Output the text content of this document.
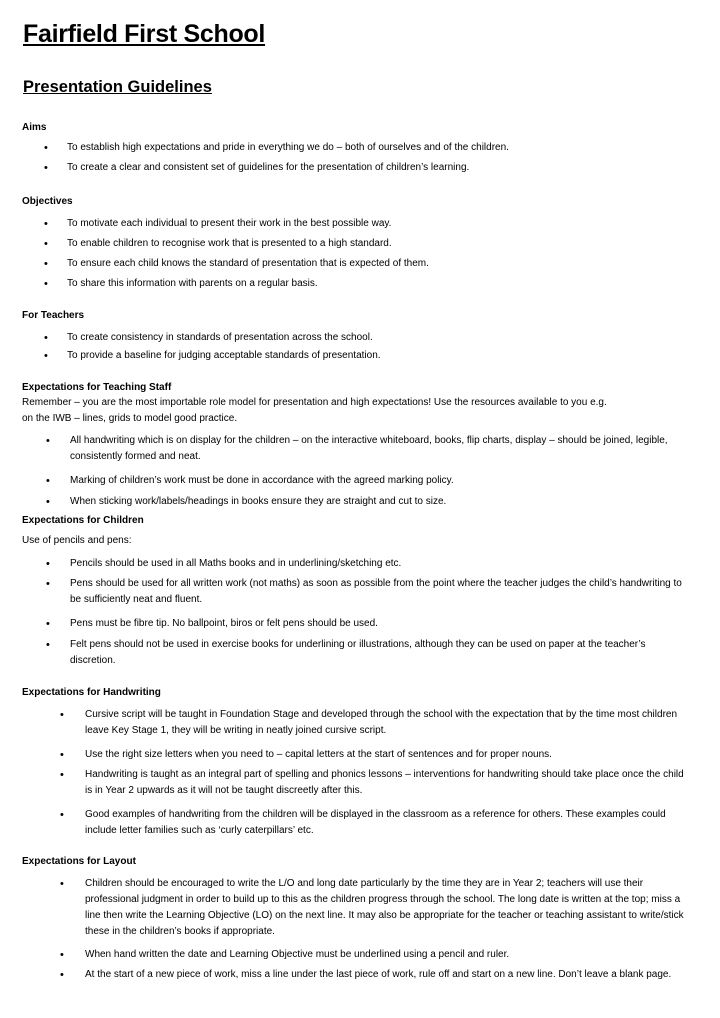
Fairfield First School
Presentation Guidelines
Aims
• To establish high expectations and pride in everything we do – both of ourselves and of the children.
• To create a clear and consistent set of guidelines for the presentation of children’s learning.
Objectives
• To motivate each individual to present their work in the best possible way.
• To enable children to recognise work that is presented to a high standard.
• To ensure each child knows the standard of presentation that is expected of them.
• To share this information with parents on a regular basis.
For Teachers
• To create consistency in standards of presentation across the school.
• To provide a baseline for judging acceptable standards of presentation.
Expectations for Teaching Staff
Remember – you are the most importable role model for presentation and high expectations! Use the resources available to you e.g.
on the IWB – lines, grids to model good practice.
• All handwriting which is on display for the children – on the interactive whiteboard, books, flip charts, display – should be joined, legible, consistently formed and neat.
• Marking of children’s work must be done in accordance with the agreed marking policy.
• When sticking work/labels/headings in books ensure they are straight and cut to size.
Expectations for Children
Use of pencils and pens:
• Pencils should be used in all Maths books and in underlining/sketching etc.
• Pens should be used for all written work (not maths) as soon as possible from the point where the teacher judges the child’s handwriting to be sufficiently neat and fluent.
• Pens must be fibre tip. No ballpoint, biros or felt pens should be used.
• Felt pens should not be used in exercise books for underlining or illustrations, although they can be used on paper at the teacher’s discretion.
Expectations for Handwriting
• Cursive script will be taught in Foundation Stage and developed through the school with the expectation that by the time most children leave Key Stage 1, they will be writing in neatly joined cursive script.
• Use the right size letters when you need to – capital letters at the start of sentences and for proper nouns.
• Handwriting is taught as an integral part of spelling and phonics lessons – interventions for handwriting should take place once the child is in Year 2 upwards as it will not be taught discreetly after this.
• Good examples of handwriting from the children will be displayed in the classroom as a reference for others. These examples could include letter families such as ‘curly caterpillars’ etc.
Expectations for Layout
• Children should be encouraged to write the L/O and long date particularly by the time they are in Year 2; teachers will use their professional judgment in order to build up to this as the children progress through the school. The long date is written at the top; miss a line then write the Learning Objective (LO) on the next line. It may also be appropriate for the teacher or teaching assistant to write/stick these in the children’s books if appropriate.
• When hand written the date and Learning Objective must be underlined using a pencil and ruler.
• At the start of a new piece of work, miss a line under the last piece of work, rule off and start on a new line. Don’t leave a blank page.
